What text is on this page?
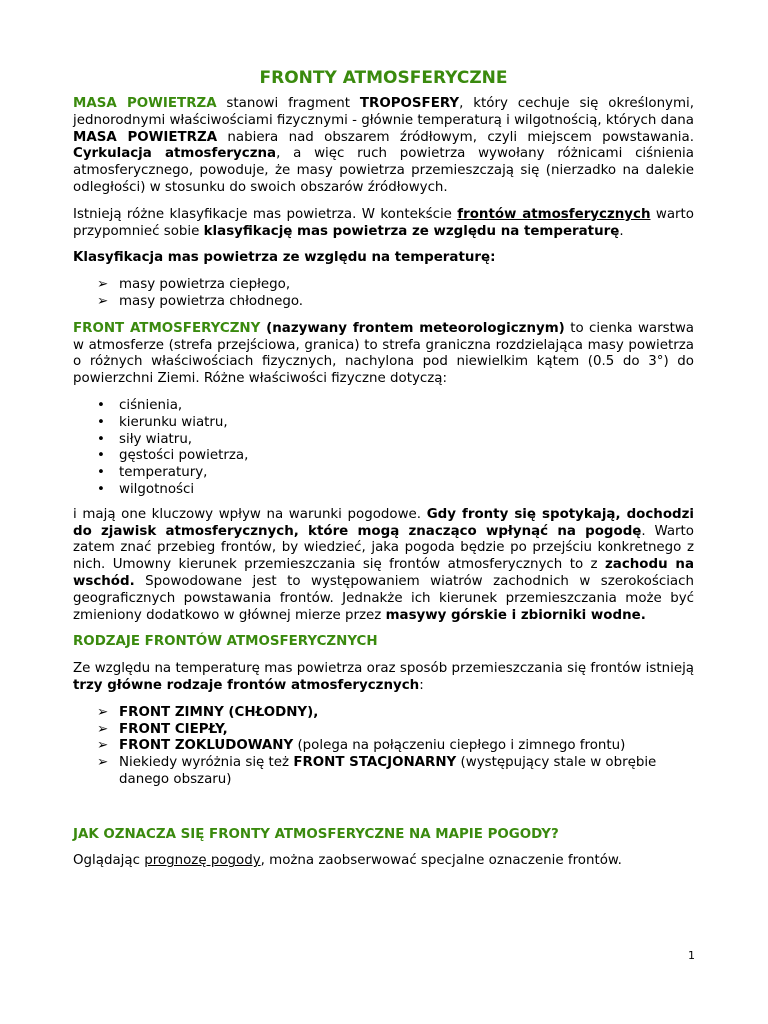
FRONTY ATMOSFERYCZNE

MASA POWIETRZA stanowi fragment TROPOSFERY, który cechuje się określonymi, jednorodnymi właściwościami fizycznymi - głównie temperaturą i wilgotnością, których dana MASA POWIETRZA nabiera nad obszarem źródłowym, czyli miejscem powstawania. Cyrkulacja atmosferyczna, a więc ruch powietrza wywołany różnicami ciśnienia atmosferycznego, powoduje, że masy powietrza przemieszczają się (nierzadko na dalekie odległości) w stosunku do swoich obszarów źródłowych.

Istnieją różne klasyfikacje mas powietrza. W kontekście frontów atmosferycznych warto przypomnieć sobie klasyfikację mas powietrza ze względu na temperaturę.

Klasyfikacja mas powietrza ze względu na temperaturę:

➢ masy powietrza ciepłego,
➢ masy powietrza chłodnego.

FRONT ATMOSFERYCZNY (nazywany frontem meteorologicznym) to cienka warstwa w atmosferze (strefa przejściowa, granica) to strefa graniczna rozdzielająca masy powietrza o różnych właściwościach fizycznych, nachylona pod niewielkim kątem (0.5 do 3°) do powierzchni Ziemi. Różne właściwości fizyczne dotyczą:

• ciśnienia,
• kierunku wiatru,
• siły wiatru,
• gęstości powietrza,
• temperatury,
• wilgotności

i mają one kluczowy wpływ na warunki pogodowe. Gdy fronty się spotykają, dochodzi do zjawisk atmosferycznych, które mogą znacząco wpłynąć na pogodę. Warto zatem znać przebieg frontów, by wiedzieć, jaka pogoda będzie po przejściu konkretnego z nich. Umowny kierunek przemieszczania się frontów atmosferycznych to z zachodu na wschód. Spowodowane jest to występowaniem wiatrów zachodnich w szerokościach geograficznych powstawania frontów. Jednakże ich kierunek przemieszczania może być zmieniony dodatkowo w głównej mierze przez masywy górskie i zbiorniki wodne.

RODZAJE FRONTÓW ATMOSFERYCZNYCH

Ze względu na temperaturę mas powietrza oraz sposób przemieszczania się frontów istnieją trzy główne rodzaje frontów atmosferycznych:

➢ FRONT ZIMNY (CHŁODNY),
➢ FRONT CIEPŁY,
➢ FRONT ZOKLUDOWANY (polega na połączeniu ciepłego i zimnego frontu)
➢ Niekiedy wyróżnia się też FRONT STACJONARNY (występujący stale w obrębie danego obszaru)

JAK OZNACZA SIĘ FRONTY ATMOSFERYCZNE NA MAPIE POGODY?

Oglądając prognozę pogody, można zaobserwować specjalne oznaczenie frontów.

1
